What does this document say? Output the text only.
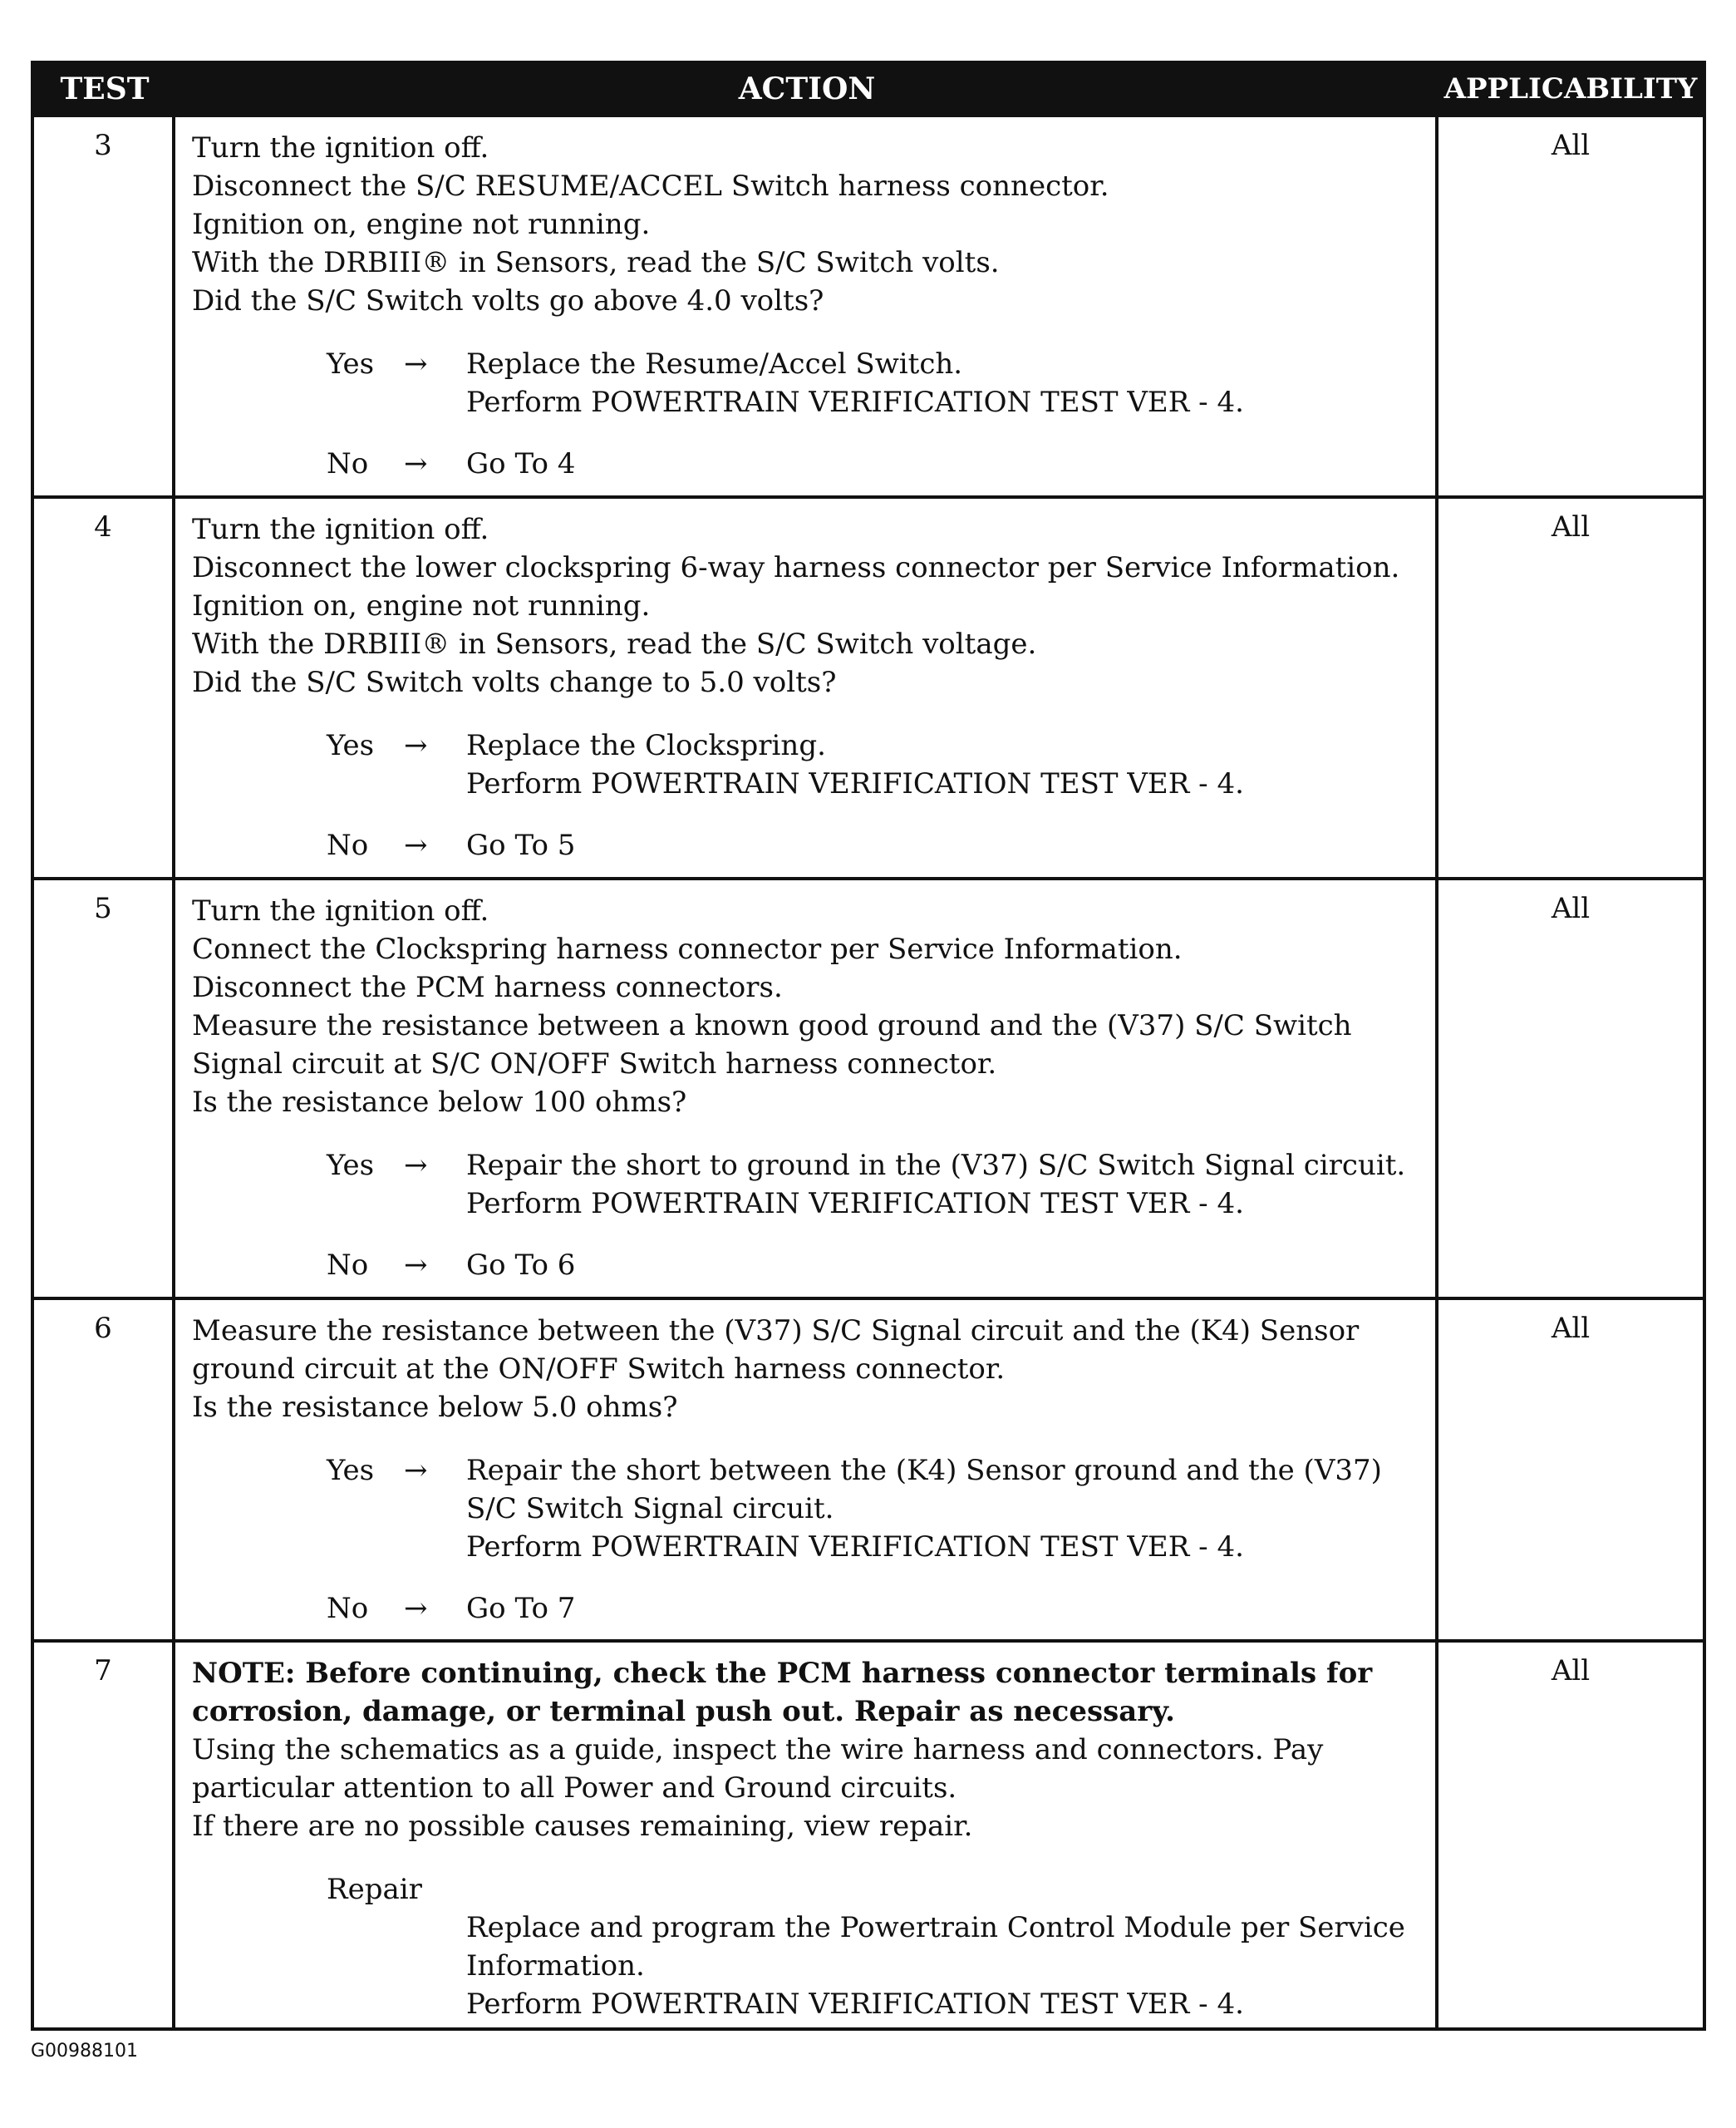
TEST	ACTION	APPLICABILITY
3	Turn the ignition off.
Disconnect the S/C RESUME/ACCEL Switch harness connector.
Ignition on, engine not running.
With the DRBIII® in Sensors, read the S/C Switch volts.
Did the S/C Switch volts go above 4.0 volts?
Yes → Replace the Resume/Accel Switch.
Perform POWERTRAIN VERIFICATION TEST VER - 4.
No → Go To 4
All
4	Turn the ignition off.
Disconnect the lower clockspring 6-way harness connector per Service Information.
Ignition on, engine not running.
With the DRBIII® in Sensors, read the S/C Switch voltage.
Did the S/C Switch volts change to 5.0 volts?
Yes → Replace the Clockspring.
Perform POWERTRAIN VERIFICATION TEST VER - 4.
No → Go To 5
All
5	Turn the ignition off.
Connect the Clockspring harness connector per Service Information.
Disconnect the PCM harness connectors.
Measure the resistance between a known good ground and the (V37) S/C Switch
Signal circuit at S/C ON/OFF Switch harness connector.
Is the resistance below 100 ohms?
Yes → Repair the short to ground in the (V37) S/C Switch Signal circuit.
Perform POWERTRAIN VERIFICATION TEST VER - 4.
No → Go To 6
All
6	Measure the resistance between the (V37) S/C Signal circuit and the (K4) Sensor
ground circuit at the ON/OFF Switch harness connector.
Is the resistance below 5.0 ohms?
Yes → Repair the short between the (K4) Sensor ground and the (V37)
S/C Switch Signal circuit.
Perform POWERTRAIN VERIFICATION TEST VER - 4.
No → Go To 7
All
7	NOTE: Before continuing, check the PCM harness connector terminals for
corrosion, damage, or terminal push out. Repair as necessary.
Using the schematics as a guide, inspect the wire harness and connectors. Pay
particular attention to all Power and Ground circuits.
If there are no possible causes remaining, view repair.
Repair
Replace and program the Powertrain Control Module per Service
Information.
Perform POWERTRAIN VERIFICATION TEST VER - 4.
All
G00988101
